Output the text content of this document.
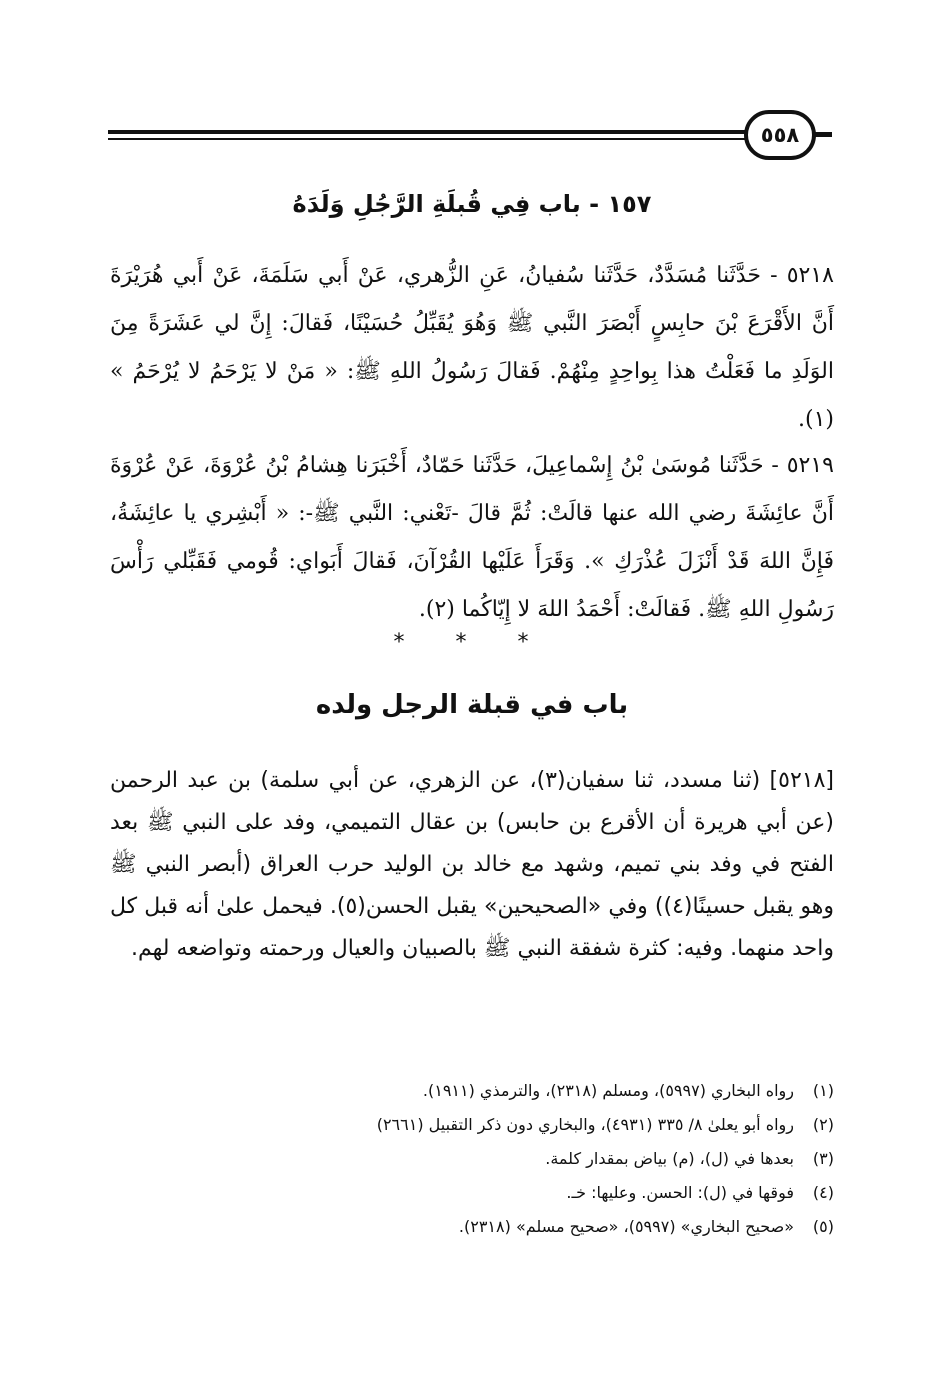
٥٥٨
١٥٧ - باب فِي قُبلَةِ الرَّجُلِ وَلَدَهُ

٥٢١٨ - حَدَّثَنا مُسَدَّدٌ، حَدَّثَنا سُفيانُ، عَنِ الزُّهري، عَنْ أَبي سَلَمَةَ، عَنْ أَبي هُرَيْرَةَ أَنَّ الأَقْرَعَ بْنَ حابِسٍ أَبْصَرَ النَّبي ﷺ وَهُوَ يُقَبِّلُ حُسَيْنًا، فَقالَ: إِنَّ لي عَشَرَةً مِنَ الوَلَدِ ما فَعَلْتُ هذا بِواحِدٍ مِنْهُمْ. فَقالَ رَسُولُ اللهِ ﷺ: « مَنْ لا يَرْحَمُ لا يُرْحَمُ » (١).

٥٢١٩ - حَدَّثَنا مُوسَىٰ بْنُ إِسْماعِيلَ، حَدَّثَنا حَمّادٌ، أَخْبَرَنا هِشامُ بْنُ عُرْوَةَ، عَنْ عُرْوَةَ أَنَّ عائِشَةَ رضي الله عنها قالَتْ: ثُمَّ قالَ -تَعْني: النَّبي ﷺ-: « أَبْشِري يا عائِشَةُ، فَإِنَّ اللهَ قَدْ أَنْزَلَ عُذْرَكِ ». وَقَرَأَ عَلَيْها القُرْآنَ، فَقالَ أَبَواي: قُومي فَقَبِّلي رَأْسَ رَسُولِ اللهِ ﷺ. فَقالَتْ: أَحْمَدُ اللهَ لا إِيّاكُما (٢).

* * *
باب في قبلة الرجل ولده

[٥٢١٨] (ثنا مسدد، ثنا سفيان(٣)، عن الزهري، عن أبي سلمة) بن عبد الرحمن (عن أبي هريرة أن الأقرع بن حابس) بن عقال التميمي، وفد على النبي ﷺ بعد الفتح في وفد بني تميم، وشهد مع خالد بن الوليد حرب العراق (أبصر النبي ﷺ وهو يقبل حسينًا(٤)) وفي «الصحيحين» يقبل الحسن(٥). فيحمل علىٰ أنه قبل كل واحد منهما. وفيه: كثرة شفقة النبي ﷺ بالصبيان والعيال ورحمته وتواضعه لهم.

(١)
رواه البخاري (٥٩٩٧)، ومسلم (٢٣١٨)، والترمذي (١٩١١).
(٢)
رواه أبو يعلىٰ ٨/ ٣٣٥ (٤٩٣١)، والبخاري دون ذكر التقبيل (٢٦٦١)
(٣)
بعدها في (ل)، (م) بياض بمقدار كلمة.
(٤)
فوقها في (ل): الحسن. وعليها: خـ.
(٥)
«صحيح البخاري» (٥٩٩٧)، «صحيح مسلم» (٢٣١٨).
